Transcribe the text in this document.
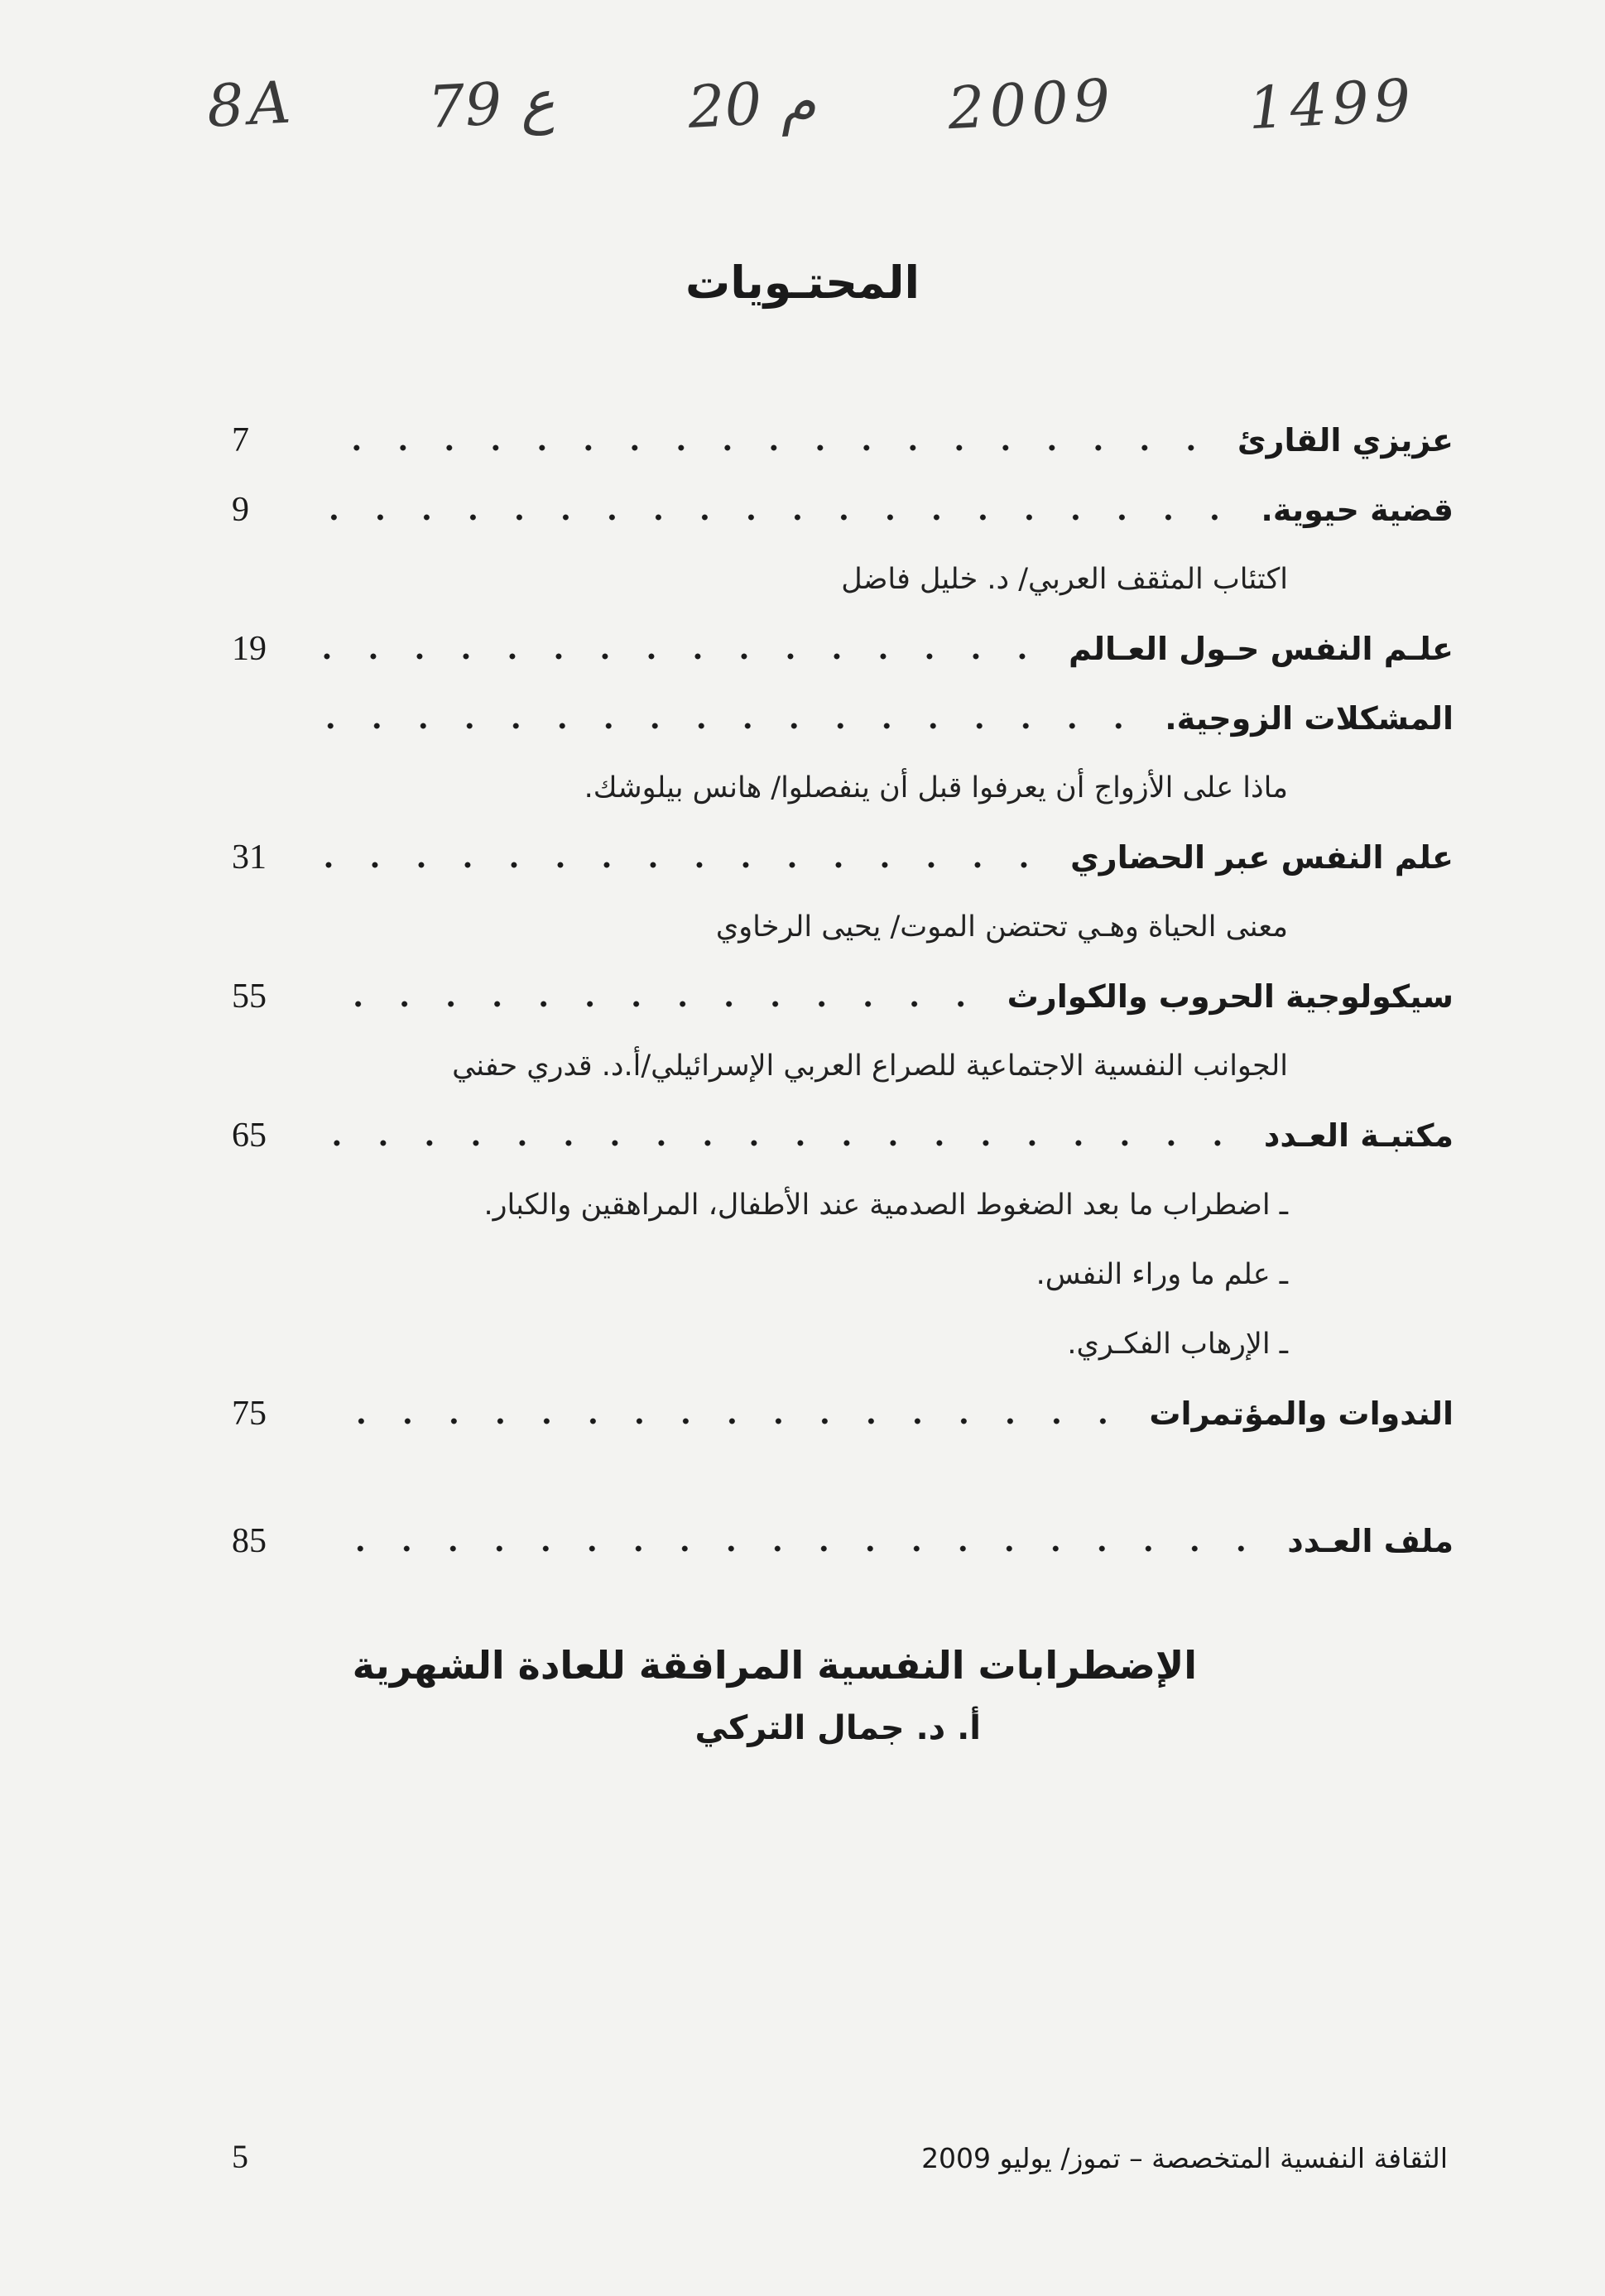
1499
2009
م 20
ع 79
8A
المحتـويات
عزيزي القارئ
7
قضية حيوية.
9
اكتئاب المثقف العربي/ د. خليل فاضل
علـم النفس حـول العـالم
19
المشكلات الزوجية.
ماذا على الأزواج أن يعرفوا قبل أن ينفصلوا/ هانس بيلوشك.
علم النفس عبر الحضاري
31
معنى الحياة وهـي تحتضن الموت/ يحيى الرخاوي
سيكولوجية الحروب والكوارث
55
الجوانب النفسية الاجتماعية للصراع العربي الإسرائيلي/أ.د. قدري حفني
مكتبـة العـدد
65
ـ اضطراب ما بعد الضغوط الصدمية عند الأطفال، المراهقين والكبار.
ـ علم ما وراء النفس.
ـ الإرهاب الفكـري.
الندوات والمؤتمرات
75
ملف العـدد
85
الإضطرابات النفسية المرافقة للعادة الشهرية
أ. د. جمال التركي
5	الثقافة النفسية المتخصصة – تموز/ يوليو 2009
